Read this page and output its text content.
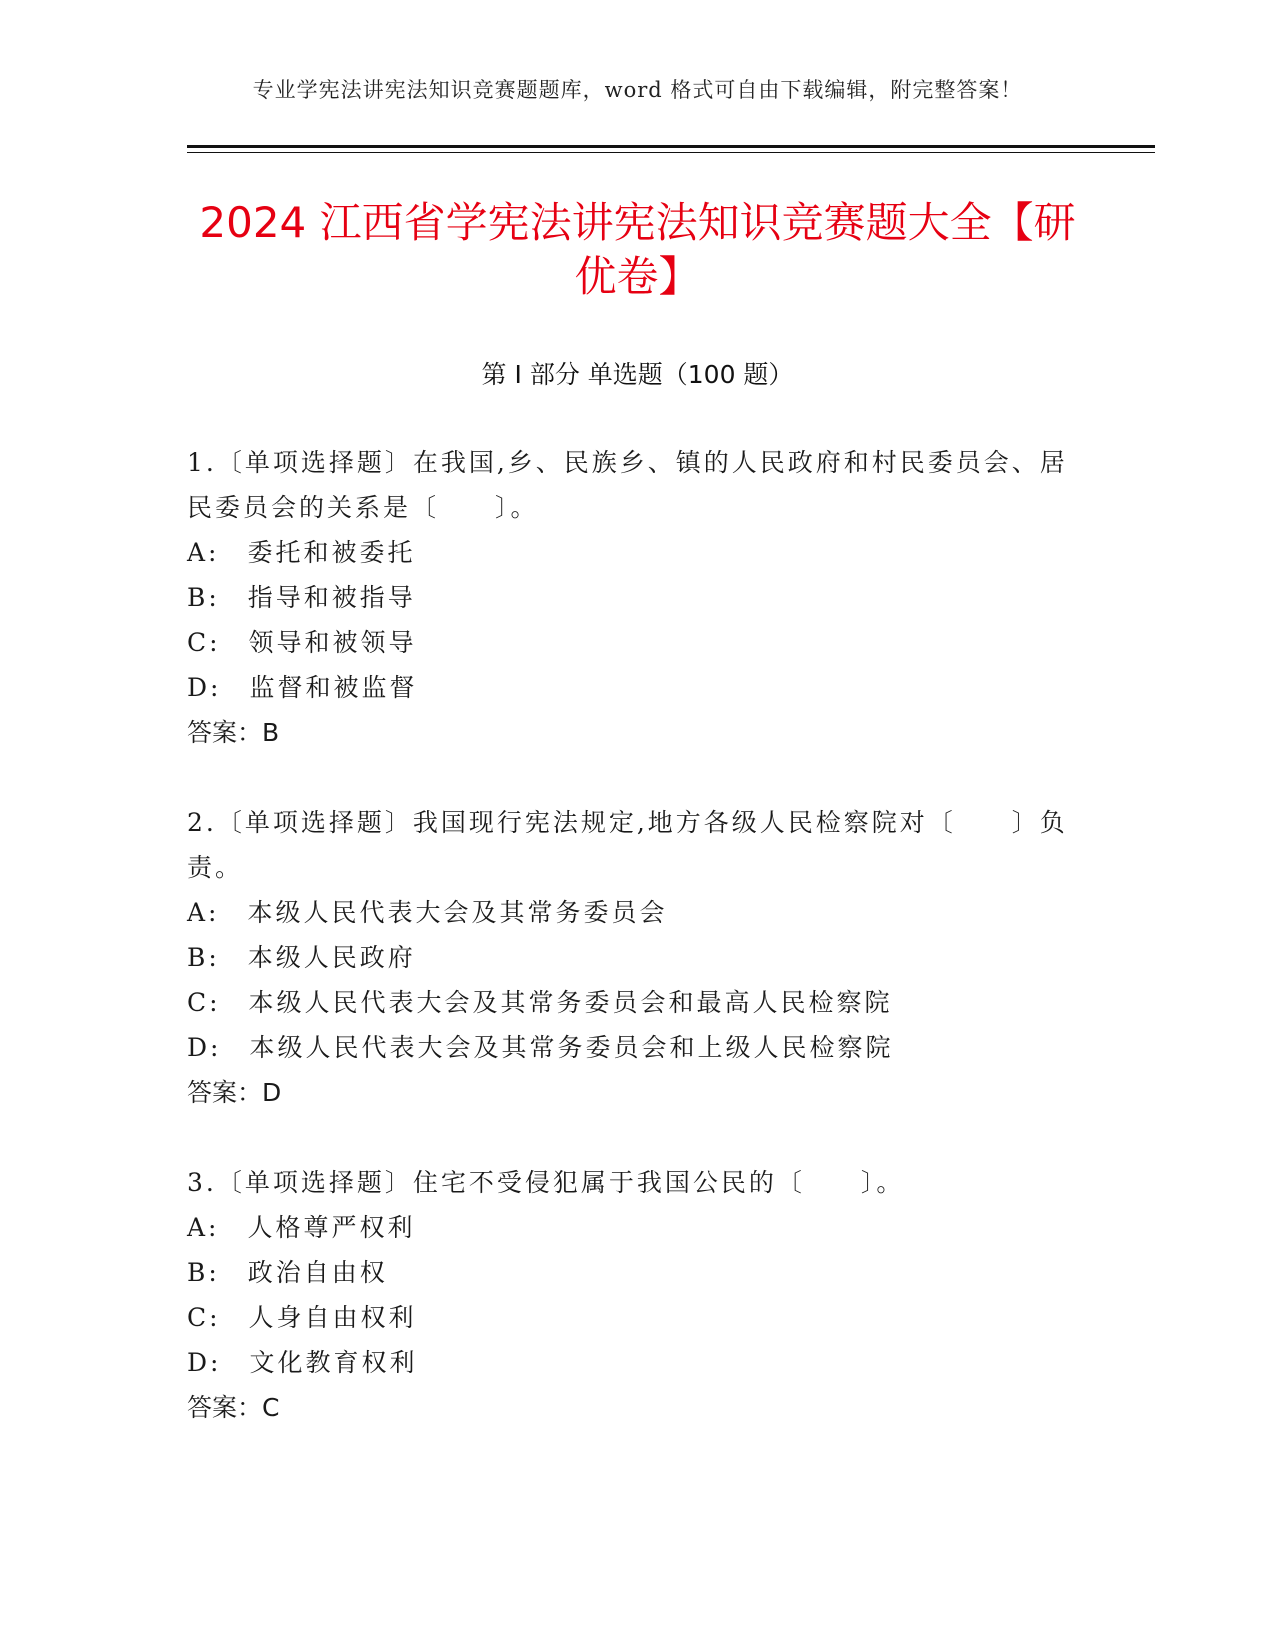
专业学宪法讲宪法知识竞赛题题库，word 格式可自由下载编辑，附完整答案！
2024 江西省学宪法讲宪法知识竞赛题大全【研优卷】
第 I 部分 单选题（100 题）

1.〔单项选择题〕在我国,乡、民族乡、镇的人民政府和村民委员会、居民委员会的关系是〔　　〕。

A:　委托和被委托

B:　指导和被指导

C:　领导和被领导

D:　监督和被监督

答案：B

2.〔单项选择题〕我国现行宪法规定,地方各级人民检察院对〔　　〕负责。

A:　本级人民代表大会及其常务委员会

B:　本级人民政府

C:　本级人民代表大会及其常务委员会和最高人民检察院

D:　本级人民代表大会及其常务委员会和上级人民检察院

答案：D

3.〔单项选择题〕住宅不受侵犯属于我国公民的〔　　〕。

A:　人格尊严权利

B:　政治自由权

C:　人身自由权利

D:　文化教育权利

答案：C
